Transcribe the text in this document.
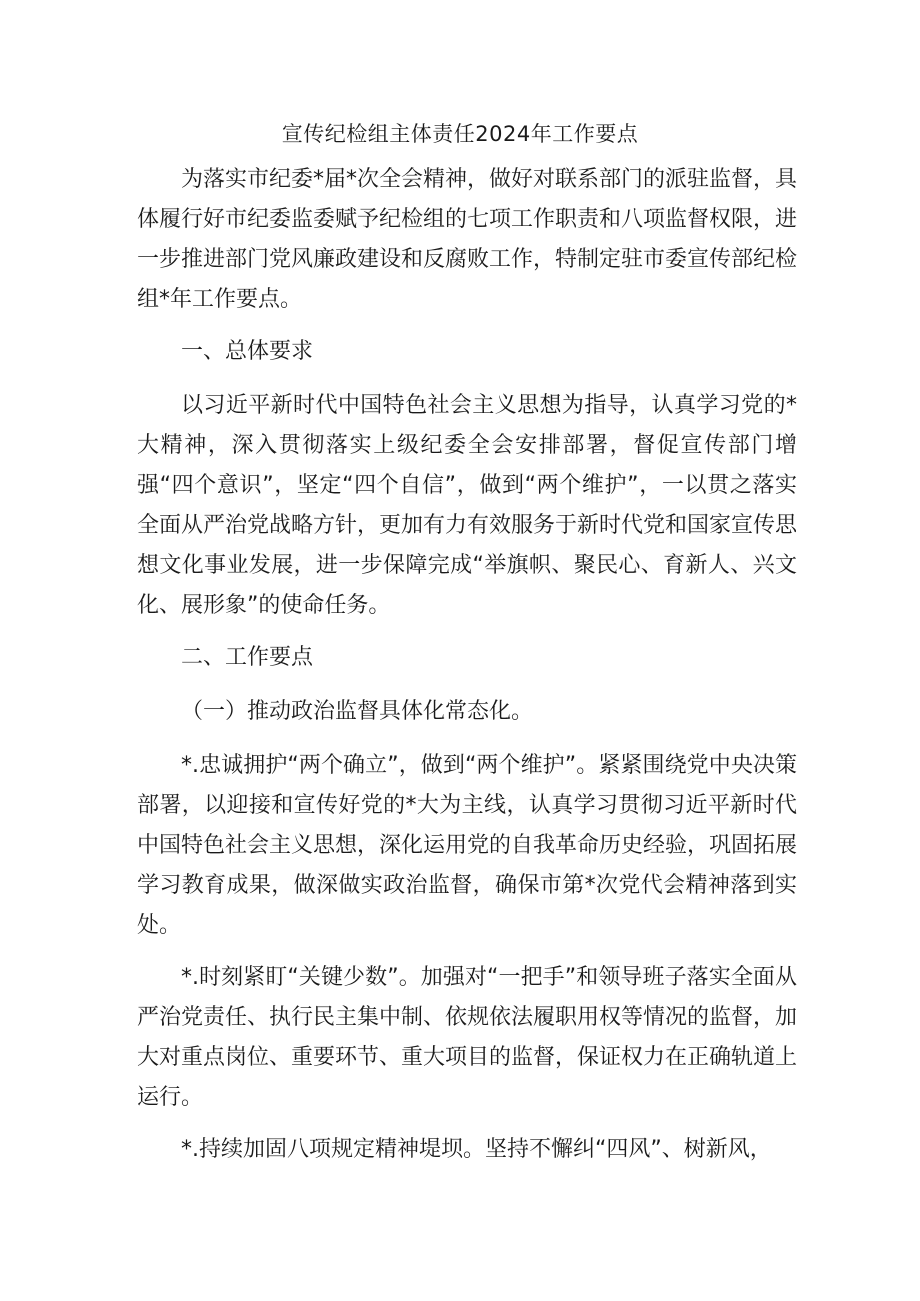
宣传纪检组主体责任2024年工作要点

为落实市纪委*届*次全会精神，做好对联系部门的派驻监督，具体履行好市纪委监委赋予纪检组的七项工作职责和八项监督权限，进一步推进部门党风廉政建设和反腐败工作，特制定驻市委宣传部纪检组*年工作要点。

一、总体要求

以习近平新时代中国特色社会主义思想为指导，认真学习党的*大精神，深入贯彻落实上级纪委全会安排部署，督促宣传部门增强“四个意识”，坚定“四个自信”，做到“两个维护”，一以贯之落实全面从严治党战略方针，更加有力有效服务于新时代党和国家宣传思想文化事业发展，进一步保障完成“举旗帜、聚民心、育新人、兴文化、展形象”的使命任务。

二、工作要点

（一）推动政治监督具体化常态化。

*.忠诚拥护“两个确立”，做到“两个维护”。紧紧围绕党中央决策部署，以迎接和宣传好党的*大为主线，认真学习贯彻习近平新时代中国特色社会主义思想，深化运用党的自我革命历史经验，巩固拓展学习教育成果，做深做实政治监督，确保市第*次党代会精神落到实处。

*.时刻紧盯“关键少数”。加强对“一把手”和领导班子落实全面从严治党责任、执行民主集中制、依规依法履职用权等情况的监督，加大对重点岗位、重要环节、重大项目的监督，保证权力在正确轨道上运行。

*.持续加固八项规定精神堤坝。坚持不懈纠“四风”、树新风，
